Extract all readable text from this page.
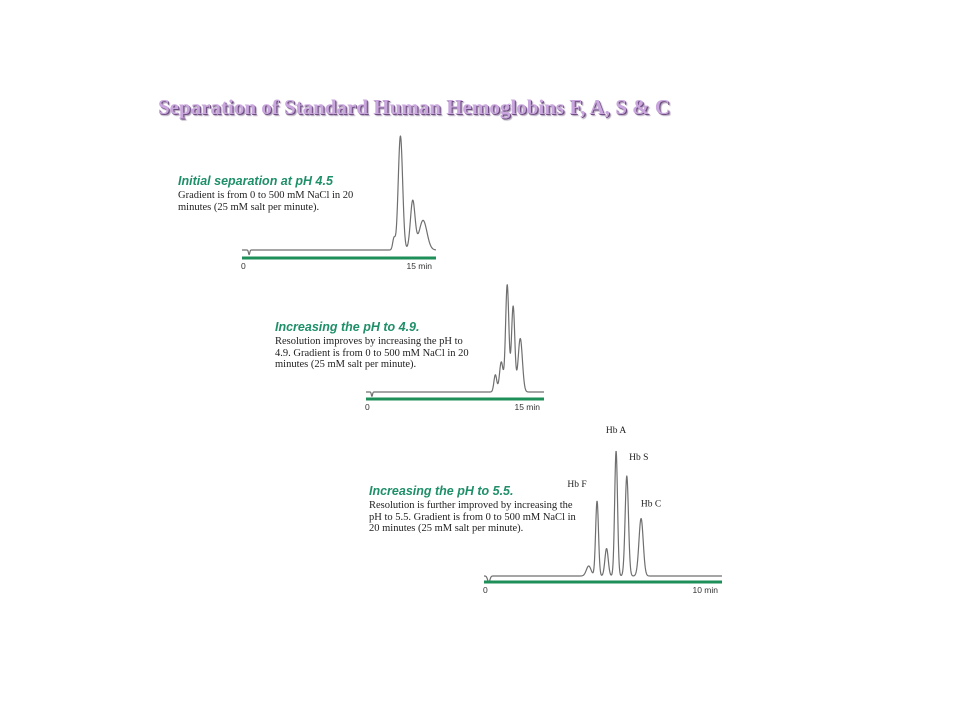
Separation of Standard Human Hemoglobins F, A, S & C
Initial separation at pH 4.5
Gradient is from 0 to 500 mM NaCl in 20 minutes (25 mM salt per minute).
0	15 min
Increasing the pH to 4.9.
Resolution improves by increasing the pH to 4.9. Gradient is from 0 to 500 mM NaCl in 20 minutes (25 mM salt per minute).
0	15 min
Increasing the pH to 5.5.
Resolution is further improved by increasing the pH to 5.5. Gradient is from 0 to 500 mM NaCl in 20 minutes (25 mM salt per minute).
0	10 min
Hb F
Hb A
Hb S
Hb C
